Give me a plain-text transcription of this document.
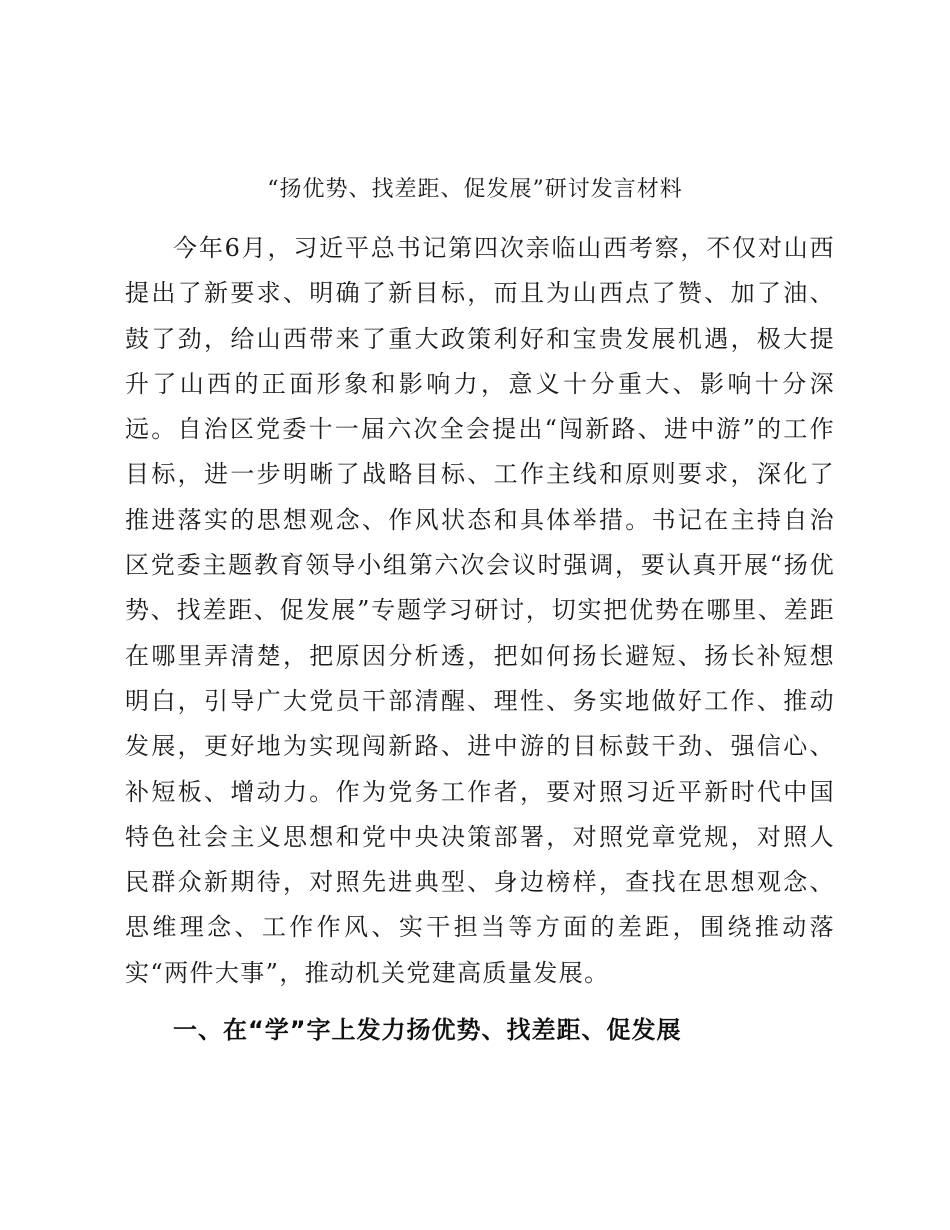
“扬优势、找差距、促发展”研讨发言材料

今年6月，习近平总书记第四次亲临山西考察，不仅对山西提出了新要求、明确了新目标，而且为山西点了赞、加了油、鼓了劲，给山西带来了重大政策利好和宝贵发展机遇，极大提升了山西的正面形象和影响力，意义十分重大、影响十分深远。自治区党委十一届六次全会提出“闯新路、进中游”的工作目标，进一步明晰了战略目标、工作主线和原则要求，深化了推进落实的思想观念、作风状态和具体举措。书记在主持自治区党委主题教育领导小组第六次会议时强调，要认真开展“扬优势、找差距、促发展”专题学习研讨，切实把优势在哪里、差距在哪里弄清楚，把原因分析透，把如何扬长避短、扬长补短想明白，引导广大党员干部清醒、理性、务实地做好工作、推动发展，更好地为实现闯新路、进中游的目标鼓干劲、强信心、补短板、增动力。作为党务工作者，要对照习近平新时代中国特色社会主义思想和党中央决策部署，对照党章党规，对照人民群众新期待，对照先进典型、身边榜样，查找在思想观念、思维理念、工作作风、实干担当等方面的差距，围绕推动落实“两件大事”，推动机关党建高质量发展。

一、在“学”字上发力扬优势、找差距、促发展
